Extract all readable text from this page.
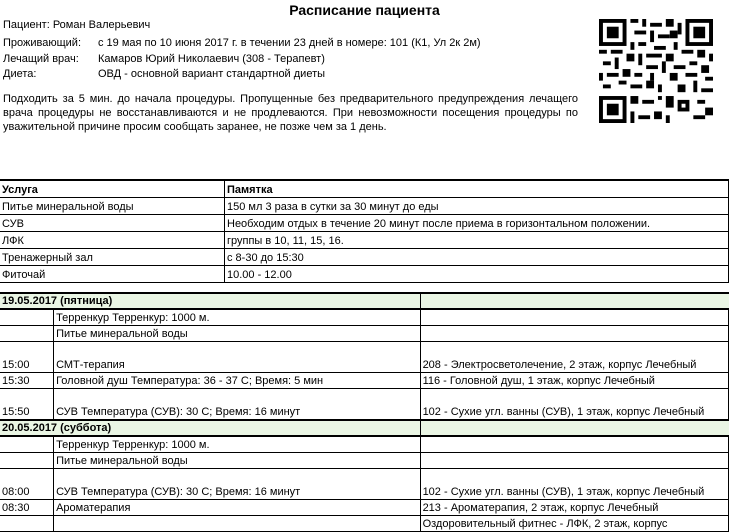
Расписание пациента
Пациент: Роман Валерьевич
Проживающий: с 19 мая по 10 июня 2017 г. в течении 23 дней в номере: 101 (К1, Ул 2к 2м)
Лечащий врач: Камаров Юрий Николаевич (308 - Терапевт)
Диета:	ОВД - основной вариант стандартной диеты
Подходить за 5 мин. до начала процедуры. Пропущенные без предварительного предупреждения лечащего врача процедуры не восстанавливаются и не продлеваются. При невозможности посещения процедуры по уважительной причине просим сообщать заранее, не позже чем за 1 день.
Услуга	Памятка
Питье минеральной воды	150 мл 3 раза в сутки за 30 минут до еды
СУВ	Необходим отдых в течение 20 минут после приема в горизонтальном положении.
ЛФК	группы в 10, 11, 15, 16.
Тренажерный зал	с 8-30 до 15:30
Фиточай	10.00 - 12.00
19.05.2017 (пятница)		
	Терренкур Терренкур: 1000 м.	
	Питье минеральной воды	
15:00	СМТ-терапия	208 - Электросветолечение, 2 этаж, корпус Лечебный
15:30	Головной душ Температура: 36 - 37 С; Время: 5 мин	116 - Головной душ, 1 этаж, корпус Лечебный
15:50	СУВ Температура (СУВ): 30 С; Время: 16 минут	102 - Сухие угл. ванны (СУВ), 1 этаж, корпус Лечебный
20.05.2017 (суббота)		
	Терренкур Терренкур: 1000 м.	
	Питье минеральной воды	
08:00	СУВ Температура (СУВ): 30 С; Время: 16 минут	102 - Сухие угл. ванны (СУВ), 1 этаж, корпус Лечебный
08:30	Ароматерапия	213 - Ароматерапия, 2 этаж, корпус Лечебный
		Оздоровительный фитнес - ЛФК, 2 этаж, корпус
